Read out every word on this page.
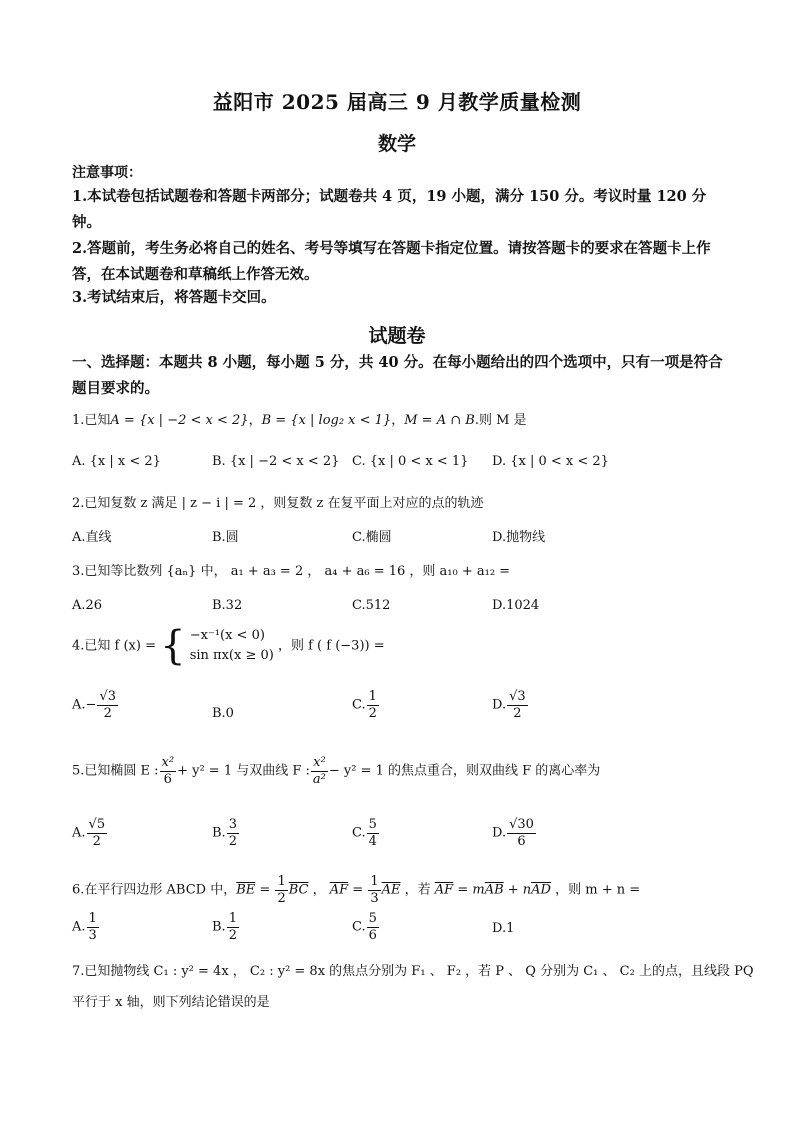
益阳市 2025 届高三 9 月教学质量检测
数学
注意事项：
1.本试卷包括试题卷和答题卡两部分；试题卷共 4 页，19 小题，满分 150 分。考议时量 120 分钟。
2.答题前，考生务必将自己的姓名、考号等填写在答题卡指定位置。请按答题卡的要求在答题卡上作答，在本试题卷和草稿纸上作答无效。
3.考试结束后，将答题卡交回。
试题卷
一、选择题：本题共 8 小题，每小题 5 分，共 40 分。在每小题给出的四个选项中，只有一项是符合题目要求的。
1.已知A = {x | −2 < x < 2}，B = {x | log₂ x < 1}，M = A ∩ B.则 M 是
A. {x | x < 2}	B. {x | −2 < x < 2} C. {x | 0 < x < 1} D. {x | 0 < x < 2}
2.已知复数 z 满足 | z − i | = 2 ，则复数 z 在复平面上对应的点的轨迹
A.直线	B.圆	C.椭圆	D.抛物线
3.已知等比数列 {aₙ} 中， a₁ + a₃ = 2 ， a₄ + a₆ = 16 ，则 a₁₀ + a₁₂ =
A.26	B.32	C.512	D.1024
4.已知 f (x) = { −x⁻¹(x < 0)
sin πx(x ≥ 0)
，则 f ( f (−3)) =
$A.- \frac{√3}{2}$	B.0
C. $\frac{1}{2}$	D. $\frac{√3}{2}$
5.已知椭圆 E : $\frac{\text{x²}}{6} + y^2 = 1$ 与双曲线 F : $\frac{\text{x²}}{\text{a²}} - y^2 = 1$ 的焦点重合，则双曲线 F 的离心率为
A. $\frac{√5}{2}$	B. $\frac{3}{2}$	C. $\frac{5}{4}$	D. $\frac{√30}{6}$
6.在平行四边形 ABCD 中，$\overline{BE} = \frac{1}{2} \overline{BC}$ ， $\overline{AF} = \frac{1}{3} \overline{AE}$ ，若 $\overline{AF} = m\overline{AB} + n\overline{AD}$ ，则 m + n =
A. $\frac{1}{3}$	B. $\frac{1}{2}$	C. $\frac{5}{6}$	D.1
7.已知抛物线 C₁ : y² = 4x ， C₂ : y² = 8x 的焦点分别为 F₁ 、 F₂ ，若 P 、 Q 分别为 C₁ 、 C₂ 上的点，且线段 PQ
平行于 x 轴，则下列结论错误的是
